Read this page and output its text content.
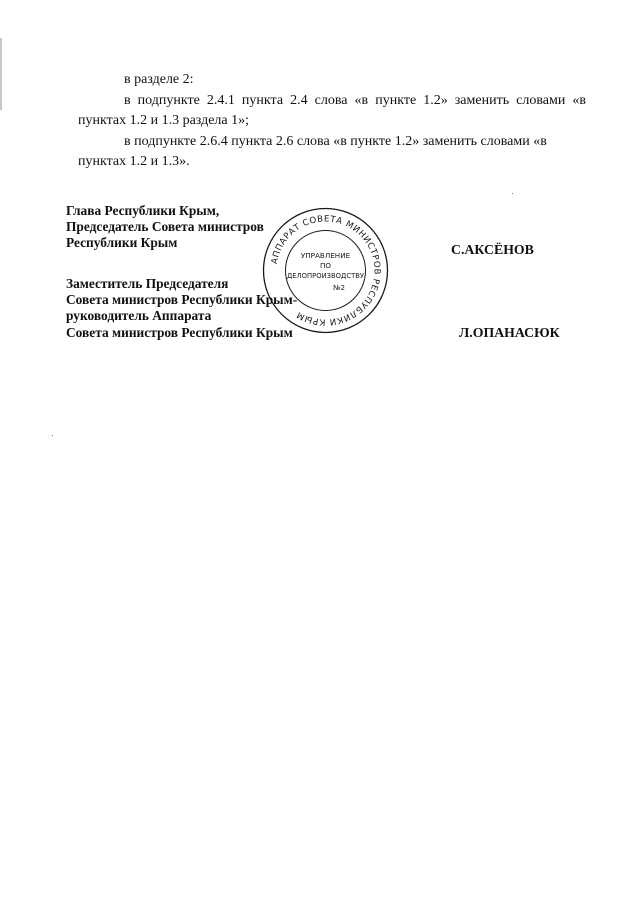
в разделе 2:

в подпункте 2.4.1 пункта 2.4 слова «в пункте 1.2» заменить словами «в пунктах 1.2 и 1.3 раздела 1»;

в подпункте 2.6.4 пункта 2.6 слова «в пункте 1.2» заменить словами «в пунктах 1.2 и 1.3».

Глава Республики Крым,
Председатель Совета министров
Республики Крым	С.АКСЁНОВ
Заместитель Председателя
Совета министров Республики Крым-
руководитель Аппарата
Совета министров Республики Крым	Л.ОПАНАСЮК
АППАРАТ СОВЕТА МИНИСТРОВ РЕСПУБЛИКИ КРЫМ
УПРАВЛЕНИЕ
ПО
ДЕЛОПРОИЗВОДСТВУ
№2
